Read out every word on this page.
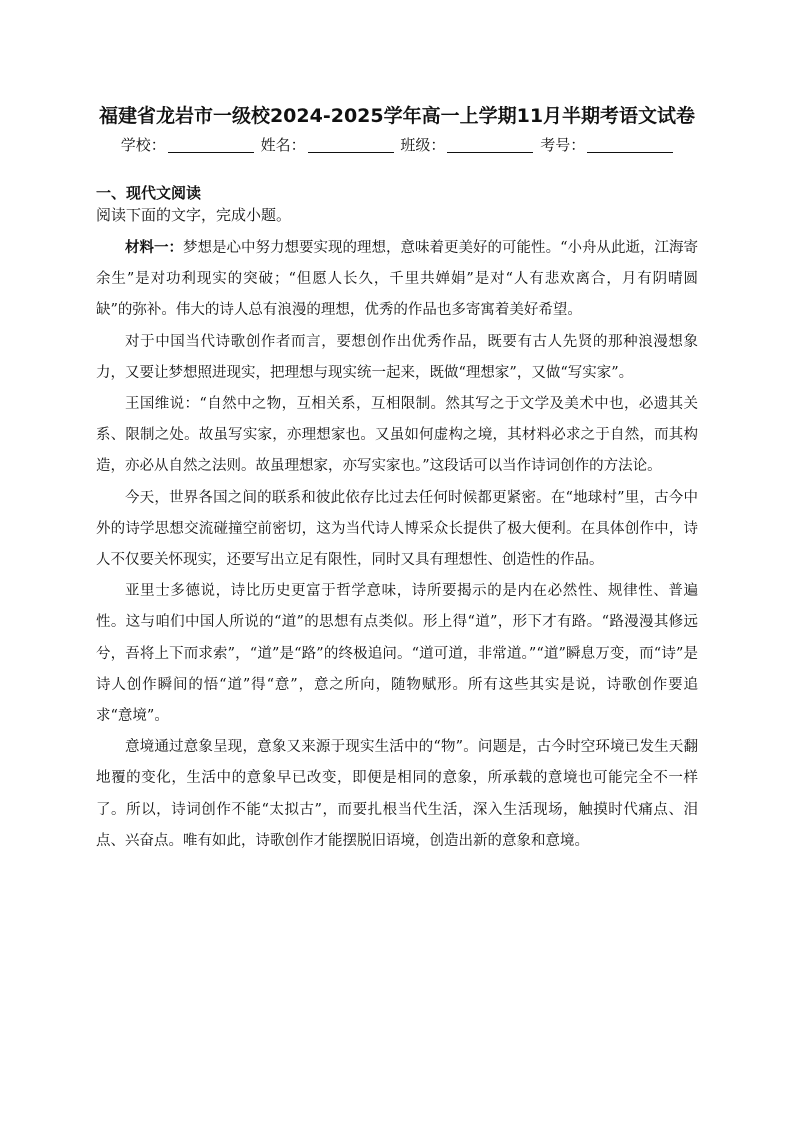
福建省龙岩市一级校2024-2025学年高一上学期11月半期考语文试卷
学校：	姓名：	班级：	考号：
一、现代文阅读
阅读下面的文字，完成小题。

材料一：梦想是心中努力想要实现的理想，意味着更美好的可能性。“小舟从此逝，江海寄余生”是对功利现实的突破；“但愿人长久，千里共婵娟”是对“人有悲欢离合，月有阴晴圆缺”的弥补。伟大的诗人总有浪漫的理想，优秀的作品也多寄寓着美好希望。

对于中国当代诗歌创作者而言，要想创作出优秀作品，既要有古人先贤的那种浪漫想象力，又要让梦想照进现实，把理想与现实统一起来，既做“理想家”，又做“写实家”。

王国维说：“自然中之物，互相关系，互相限制。然其写之于文学及美术中也，必遗其关系、限制之处。故虽写实家，亦理想家也。又虽如何虚构之境，其材料必求之于自然，而其构造，亦必从自然之法则。故虽理想家，亦写实家也。”这段话可以当作诗词创作的方法论。

今天，世界各国之间的联系和彼此依存比过去任何时候都更紧密。在“地球村”里，古今中外的诗学思想交流碰撞空前密切，这为当代诗人博采众长提供了极大便利。在具体创作中，诗人不仅要关怀现实，还要写出立足有限性，同时又具有理想性、创造性的作品。

亚里士多德说，诗比历史更富于哲学意味，诗所要揭示的是内在必然性、规律性、普遍性。这与咱们中国人所说的“道”的思想有点类似。形上得“道”，形下才有路。“路漫漫其修远兮，吾将上下而求索”，“道”是“路”的终极追问。“道可道，非常道。”“道”瞬息万变，而“诗”是诗人创作瞬间的悟“道”得“意”，意之所向，随物赋形。所有这些其实是说，诗歌创作要追求“意境”。

意境通过意象呈现，意象又来源于现实生活中的“物”。问题是，古今时空环境已发生天翻地覆的变化，生活中的意象早已改变，即便是相同的意象，所承载的意境也可能完全不一样了。所以，诗词创作不能“太拟古”，而要扎根当代生活，深入生活现场，触摸时代痛点、泪点、兴奋点。唯有如此，诗歌创作才能摆脱旧语境，创造出新的意象和意境。
